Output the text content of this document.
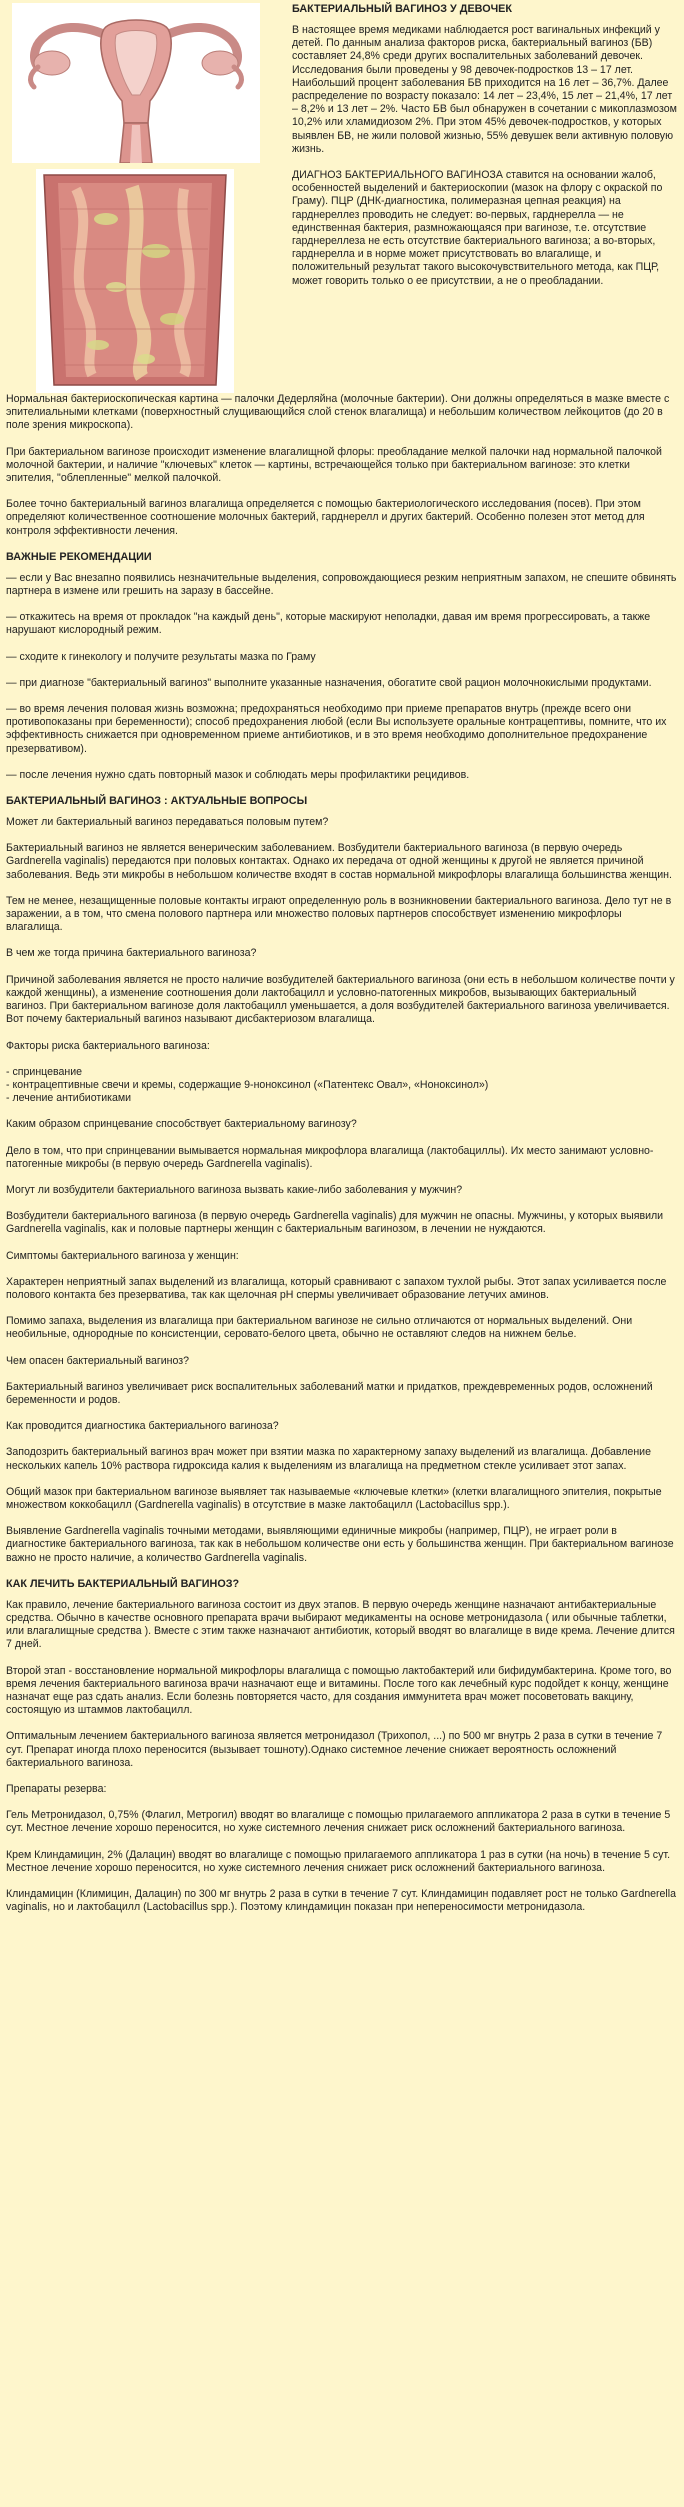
БАКТЕРИАЛЬНЫЙ ВАГИНОЗ У ДЕВОЧЕК

В настоящее время медиками наблюдается рост вагинальных инфекций у детей. По данным анализа факторов риска, бактериальный вагиноз (БВ) составляет 24,8% среди других воспалительных заболеваний девочек. Исследования были проведены у 98 девочек-подростков 13 – 17 лет. Наибольший процент заболевания БВ приходится на 16 лет – 36,7%. Далее распределение по возрасту показало: 14 лет – 23,4%, 15 лет – 21,4%, 17 лет – 8,2% и 13 лет – 2%. Часто БВ был обнаружен в сочетании с микоплазмозом 10,2% или хламидиозом 2%. При этом 45% девочек-подростков, у которых выявлен БВ, не жили половой жизнью, 55% девушек вели активную половую жизнь.

ДИАГНОЗ БАКТЕРИАЛЬНОГО ВАГИНОЗА ставится на основании жалоб, особенностей выделений и бактериоскопии (мазок на флору с окраской по Граму). ПЦР (ДНК-диагностика, полимеразная цепная реакция) на гарднереллез проводить не следует: во-первых, гарднерелла — не единственная бактерия, размножающаяся при вагинозе, т.е. отсутствие гарднереллеза не есть отсутствие бактериального вагиноза; а во-вторых, гарднерелла и в норме может присутствовать во влагалище, и положительный результат такого высокочувствительного метода, как ПЦР, может говорить только о ее присутствии, а не о преобладании.

Нормальная бактериоскопическая картина — палочки Дедерляйна (молочные бактерии). Они должны определяться в мазке вместе с эпителиальными клетками (поверхностный слущивающийся слой стенок влагалища) и небольшим количеством лейкоцитов (до 20 в поле зрения микроскопа).

При бактериальном вагинозе происходит изменение влагалищной флоры: преобладание мелкой палочки над нормальной палочкой молочной бактерии, и наличие "ключевых" клеток — картины, встречающейся только при бактериальном вагинозе: это клетки эпителия, "облепленные" мелкой палочкой.

Более точно бактериальный вагиноз влагалища определяется с помощью бактериологического исследования (посев). При этом определяют количественное соотношение молочных бактерий, гарднерелл и других бактерий. Особенно полезен этот метод для контроля эффективности лечения.

ВАЖНЫЕ РЕКОМЕНДАЦИИ

— если у Вас внезапно появились незначительные выделения, сопровождающиеся резким неприятным запахом, не спешите обвинять партнера в измене или грешить на заразу в бассейне.

— откажитесь на время от прокладок "на каждый день", которые маскируют неполадки, давая им время прогрессировать, а также нарушают кислородный режим.

— сходите к гинекологу и получите результаты мазка по Граму

— при диагнозе "бактериальный вагиноз" выполните указанные назначения, обогатите свой рацион молочнокислыми продуктами.

— во время лечения половая жизнь возможна; предохраняться необходимо при приеме препаратов внутрь (прежде всего они противопоказаны при беременности); способ предохранения любой (если Вы используете оральные контрацептивы, помните, что их эффективность снижается при одновременном приеме антибиотиков, и в это время необходимо дополнительное предохранение презервативом).

— после лечения нужно сдать повторный мазок и соблюдать меры профилактики рецидивов.

БАКТЕРИАЛЬНЫЙ ВАГИНОЗ : АКТУАЛЬНЫЕ ВОПРОСЫ

Может ли бактериальный вагиноз передаваться половым путем?

Бактериальный вагиноз не является венерическим заболеванием. Возбудители бактериального вагиноза (в первую очередь Gardnerella vaginalis) передаются при половых контактах. Однако их передача от одной женщины к другой не является причиной заболевания. Ведь эти микробы в небольшом количестве входят в состав нормальной микрофлоры влагалища большинства женщин.

Тем не менее, незащищенные половые контакты играют определенную роль в возникновении бактериального вагиноза. Дело тут не в заражении, а в том, что смена полового партнера или множество половых партнеров способствует изменению микрофлоры влагалища.

В чем же тогда причина бактериального вагиноза?

Причиной заболевания является не просто наличие возбудителей бактериального вагиноза (они есть в небольшом количестве почти у каждой женщины), а изменение соотношения доли лактобацилл и условно-патогенных микробов, вызывающих бактериальный вагиноз. При бактериальном вагинозе доля лактобацилл уменьшается, а доля возбудителей бактериального вагиноза увеличивается. Вот почему бактериальный вагиноз называют дисбактериозом влагалища.

Факторы риска бактериального вагиноза:

- спринцевание
- контрацептивные свечи и кремы, содержащие 9-ноноксинол («Патентекс Овал», «Ноноксинол»)
- лечение антибиотиками

Каким образом спринцевание способствует бактериальному вагинозу?

Дело в том, что при спринцевании вымывается нормальная микрофлора влагалища (лактобациллы). Их место занимают условно-патогенные микробы (в первую очередь Gardnerella vaginalis).

Могут ли возбудители бактериального вагиноза вызвать какие-либо заболевания у мужчин?

Возбудители бактериального вагиноза (в первую очередь Gardnerella vaginalis) для мужчин не опасны. Мужчины, у которых выявили Gardnerella vaginalis, как и половые партнеры женщин с бактериальным вагинозом, в лечении не нуждаются.

Симптомы бактериального вагиноза у женщин:

Характерен неприятный запах выделений из влагалища, который сравнивают с запахом тухлой рыбы. Этот запах усиливается после полового контакта без презерватива, так как щелочная pH спермы увеличивает образование летучих аминов.

Помимо запаха, выделения из влагалища при бактериальном вагинозе не сильно отличаются от нормальных выделений. Они необильные, однородные по консистенции, серовато-белого цвета, обычно не оставляют следов на нижнем белье.

Чем опасен бактериальный вагиноз?

Бактериальный вагиноз увеличивает риск воспалительных заболеваний матки и придатков, преждевременных родов, осложнений беременности и родов.

Как проводится диагностика бактериального вагиноза?

Заподозрить бактериальный вагиноз врач может при взятии мазка по характерному запаху выделений из влагалища. Добавление нескольких капель 10% раствора гидроксида калия к выделениям из влагалища на предметном стекле усиливает этот запах.

Общий мазок при бактериальном вагинозе выявляет так называемые «ключевые клетки» (клетки влагалищного эпителия, покрытые множеством коккобацилл (Gardnerella vaginalis) в отсутствие в мазке лактобацилл (Lactobacillus spp.).

Выявление Gardnerella vaginalis точными методами, выявляющими единичные микробы (например, ПЦР), не играет роли в диагностике бактериального вагиноза, так как в небольшом количестве они есть у большинства женщин. При бактериальном вагинозе важно не просто наличие, а количество Gardnerella vaginalis.

КАК ЛЕЧИТЬ БАКТЕРИАЛЬНЫЙ ВАГИНОЗ?

Как правило, лечение бактериального вагиноза состоит из двух этапов. В первую очередь женщине назначают антибактериальные средства. Обычно в качестве основного препарата врачи выбирают медикаменты на основе метронидазола ( или обычные таблетки, или влагалищные средства ). Вместе с этим также назначают антибиотик, который вводят во влагалище в виде крема. Лечение длится 7 дней.

Второй этап - восстановление нормальной микрофлоры влагалища с помощью лактобактерий или бифидумбактерина. Кроме того, во время лечения бактериального вагиноза врачи назначают еще и витамины. После того как лечебный курс подойдет к концу, женщине назначат еще раз сдать анализ. Если болезнь повторяется часто, для создания иммунитета врач может посоветовать вакцину, состоящую из штаммов лактобацилл.

Оптимальным лечением бактериального вагиноза является метронидазол (Трихопол, ...) по 500 мг внутрь 2 раза в сутки в течение 7 сут. Препарат иногда плохо переносится (вызывает тошноту).Однако системное лечение снижает вероятность осложнений бактериального вагиноза.

Препараты резерва:

Гель Метронидазол, 0,75% (Флагил, Метрогил) вводят во влагалище с помощью прилагаемого аппликатора 2 раза в сутки в течение 5 сут. Местное лечение хорошо переносится, но хуже системного лечения снижает риск осложнений бактериального вагиноза.

Крем Клиндамицин, 2% (Далацин) вводят во влагалище с помощью прилагаемого аппликатора 1 раз в сутки (на ночь) в течение 5 сут. Местное лечение хорошо переносится, но хуже системного лечения снижает риск осложнений бактериального вагиноза.

Клиндамицин (Климицин, Далацин) по 300 мг внутрь 2 раза в сутки в течение 7 сут. Клиндамицин подавляет рост не только Gardnerella vaginalis, но и лактобацилл (Lactobacillus spp.). Поэтому клиндамицин показан при непереносимости метронидазола.
